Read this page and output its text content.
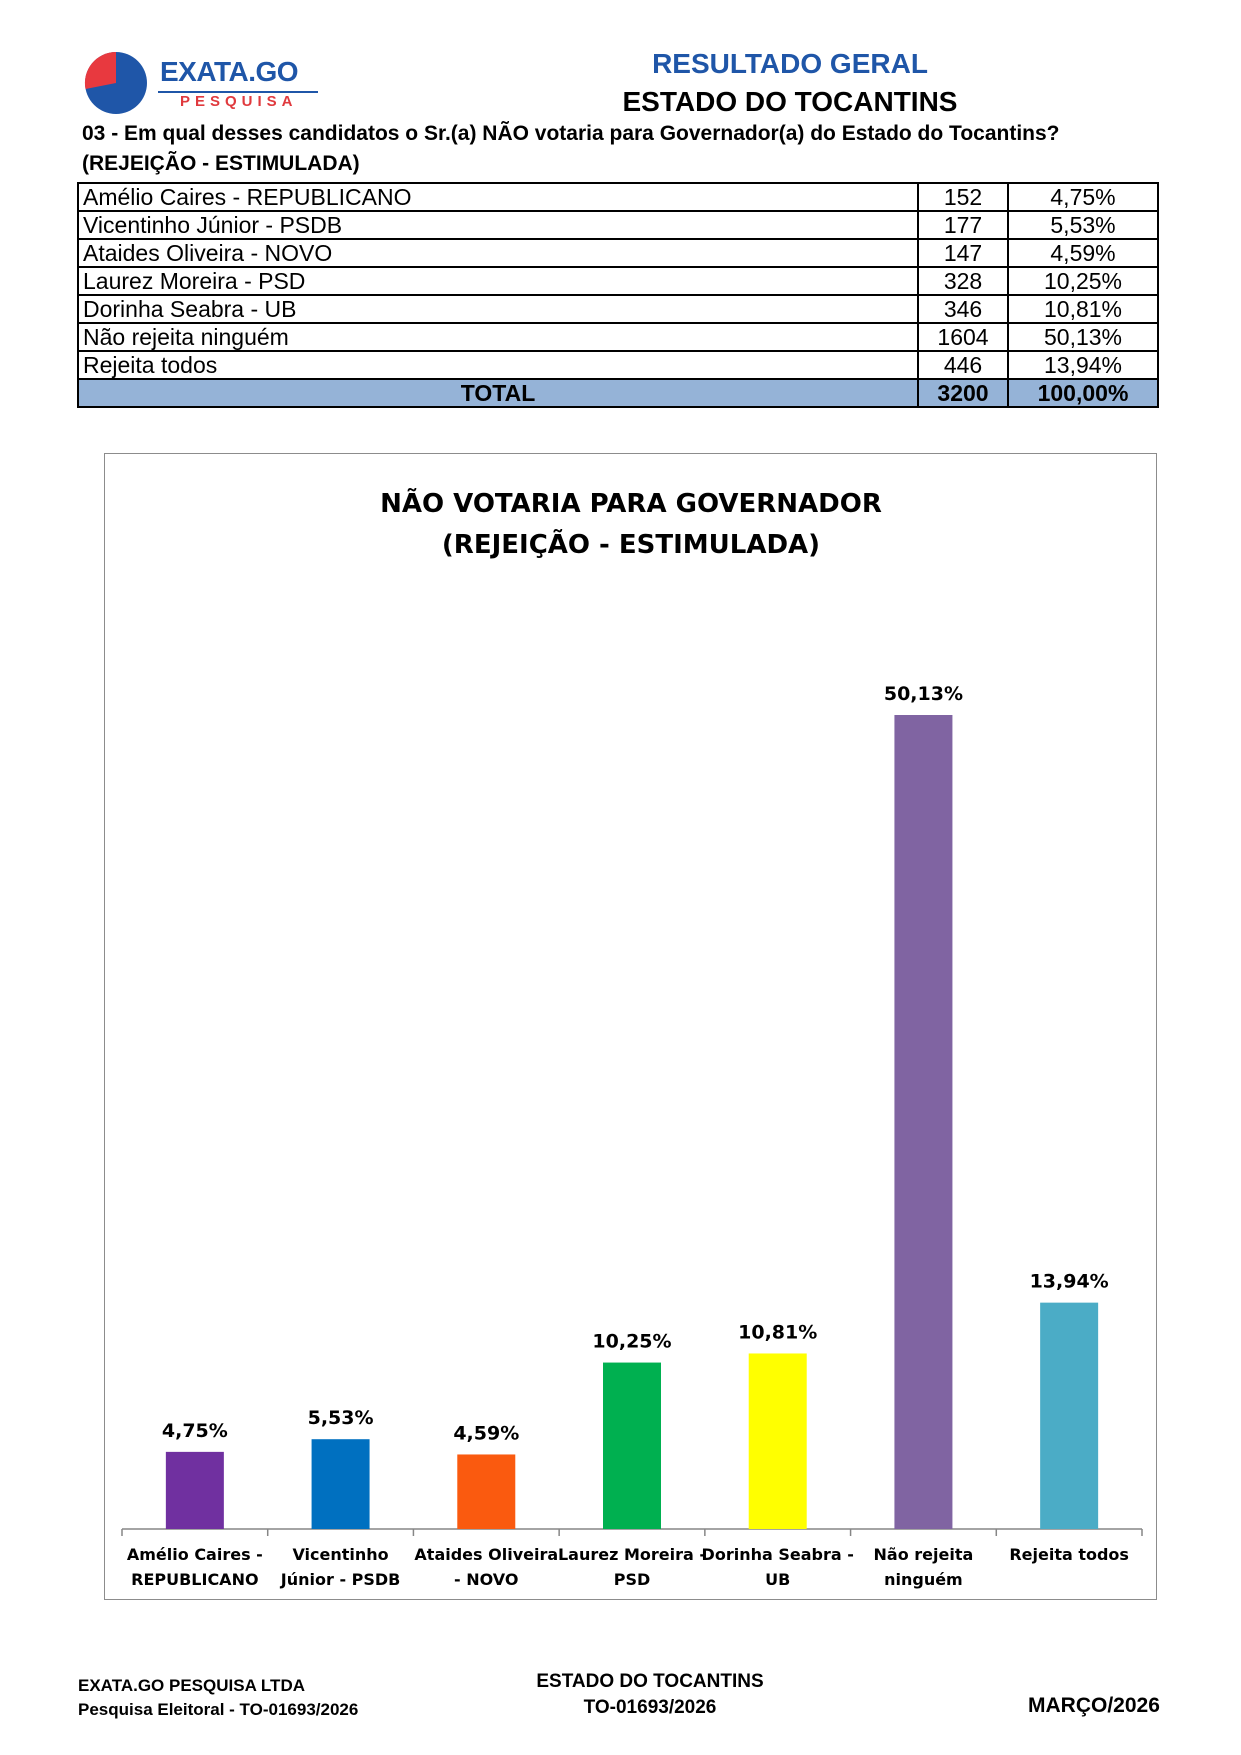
EXATA.GO
PESQUISA
RESULTADO GERAL
ESTADO DO TOCANTINS
03 - Em qual desses candidatos o Sr.(a) NÃO votaria para Governador(a) do Estado do Tocantins?
(REJEIÇÃO - ESTIMULADA)
Amélio Caires - REPUBLICANO	152	4,75%
Vicentinho Júnior - PSDB	177	5,53%
Ataides Oliveira - NOVO	147	4,59%
Laurez Moreira - PSD	328	10,25%
Dorinha Seabra - UB	346	10,81%
Não rejeita ninguém	1604	50,13%
Rejeita todos	446	13,94%
TOTAL	3200	100,00%
NÃO VOTARIA PARA GOVERNADOR
(REJEIÇÃO - ESTIMULADA)
4,75%
Amélio Caires -
REPUBLICANO
5,53%
Vicentinho
Júnior - PSDB
4,59%
Ataides Oliveira
- NOVO
10,25%
Laurez Moreira -
PSD
10,81%
Dorinha Seabra -
UB
50,13%
Não rejeita
ninguém
13,94%
Rejeita todos
EXATA.GO PESQUISA LTDA
Pesquisa Eleitoral - TO-01693/2026
ESTADO DO TOCANTINS
TO-01693/2026	MARÇO/2026
